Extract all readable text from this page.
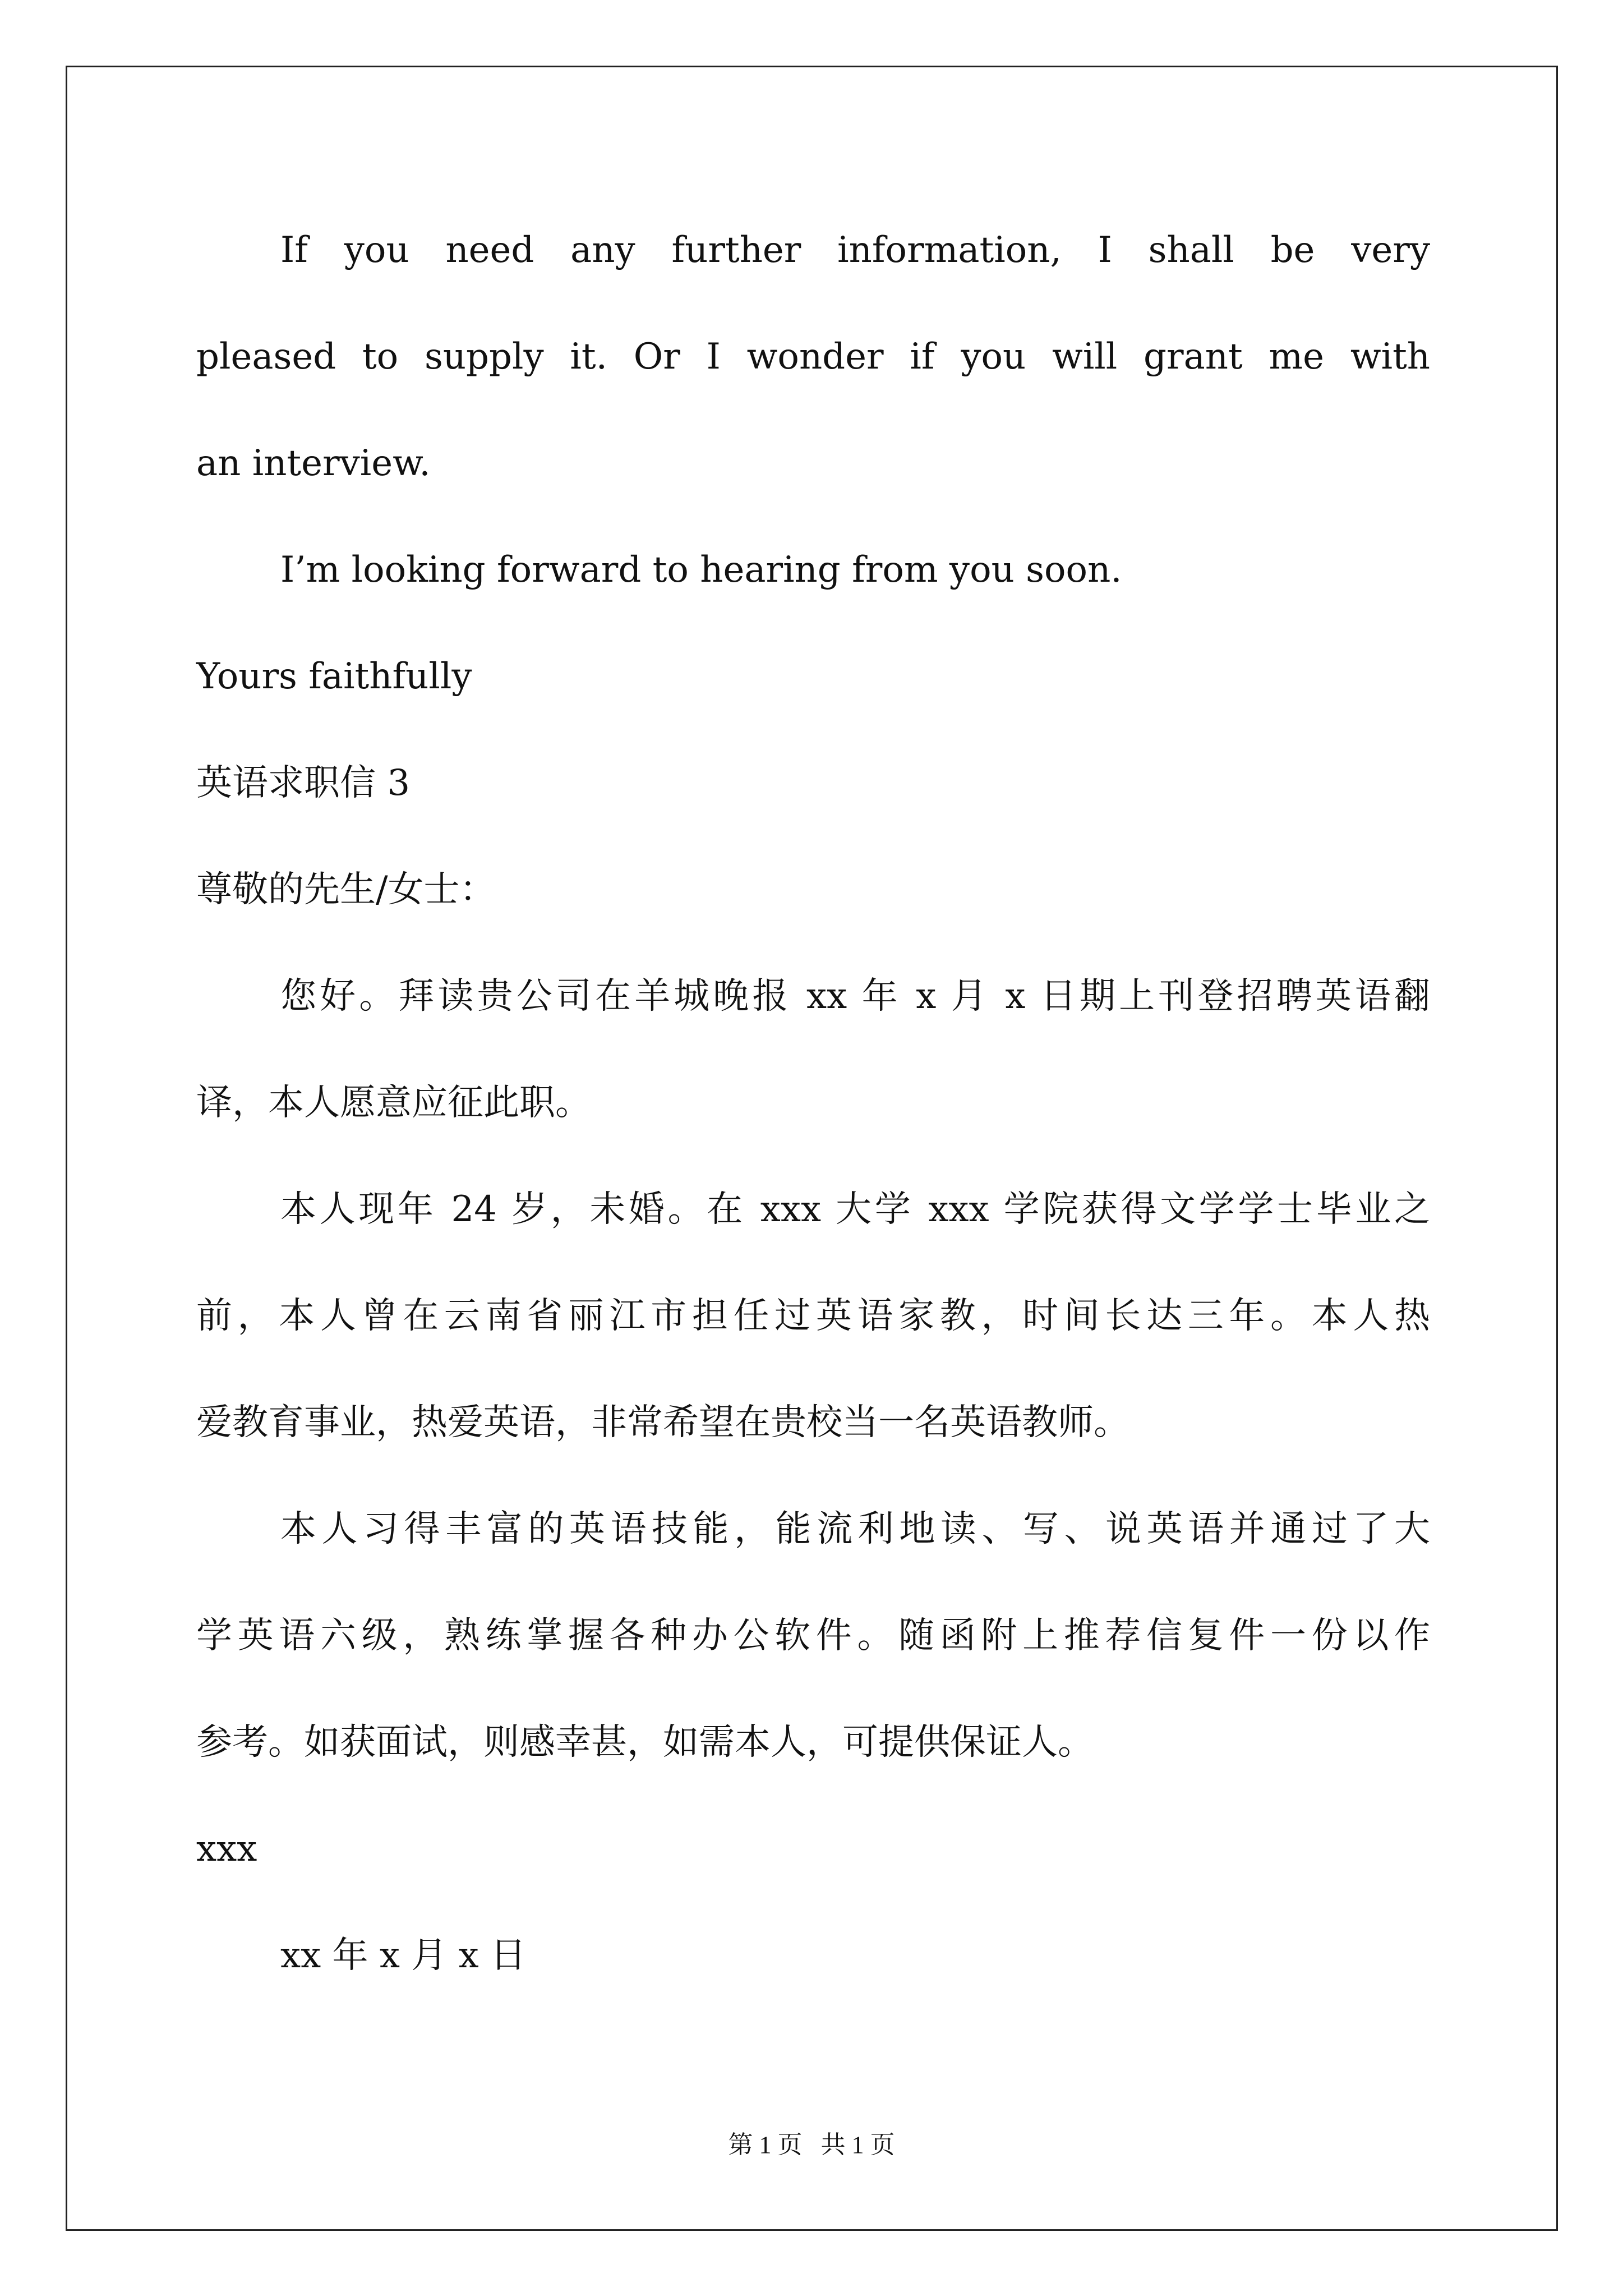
If you need any further information, I shall be very
pleased to supply it. Or I wonder if you will grant me with
an interview.
I’m looking forward to hearing from you soon.
Yours faithfully
英语求职信 3
尊敬的先生/女士：
您好。拜读贵公司在羊城晚报 xx 年 x 月 x 日期上刊登招聘英语翻
译，本人愿意应征此职。
本人现年 24 岁，未婚。在 xxx 大学 xxx 学院获得文学学士毕业之
前，本人曾在云南省丽江市担任过英语家教，时间长达三年。本人热
爱教育事业，热爱英语，非常希望在贵校当一名英语教师。
本人习得丰富的英语技能，能流利地读、写、说英语并通过了大
学英语六级，熟练掌握各种办公软件。随函附上推荐信复件一份以作
参考。如获面试，则感幸甚，如需本人，可提供保证人。
xxx
xx 年 x 月 x 日
第 1 页   共 1 页
